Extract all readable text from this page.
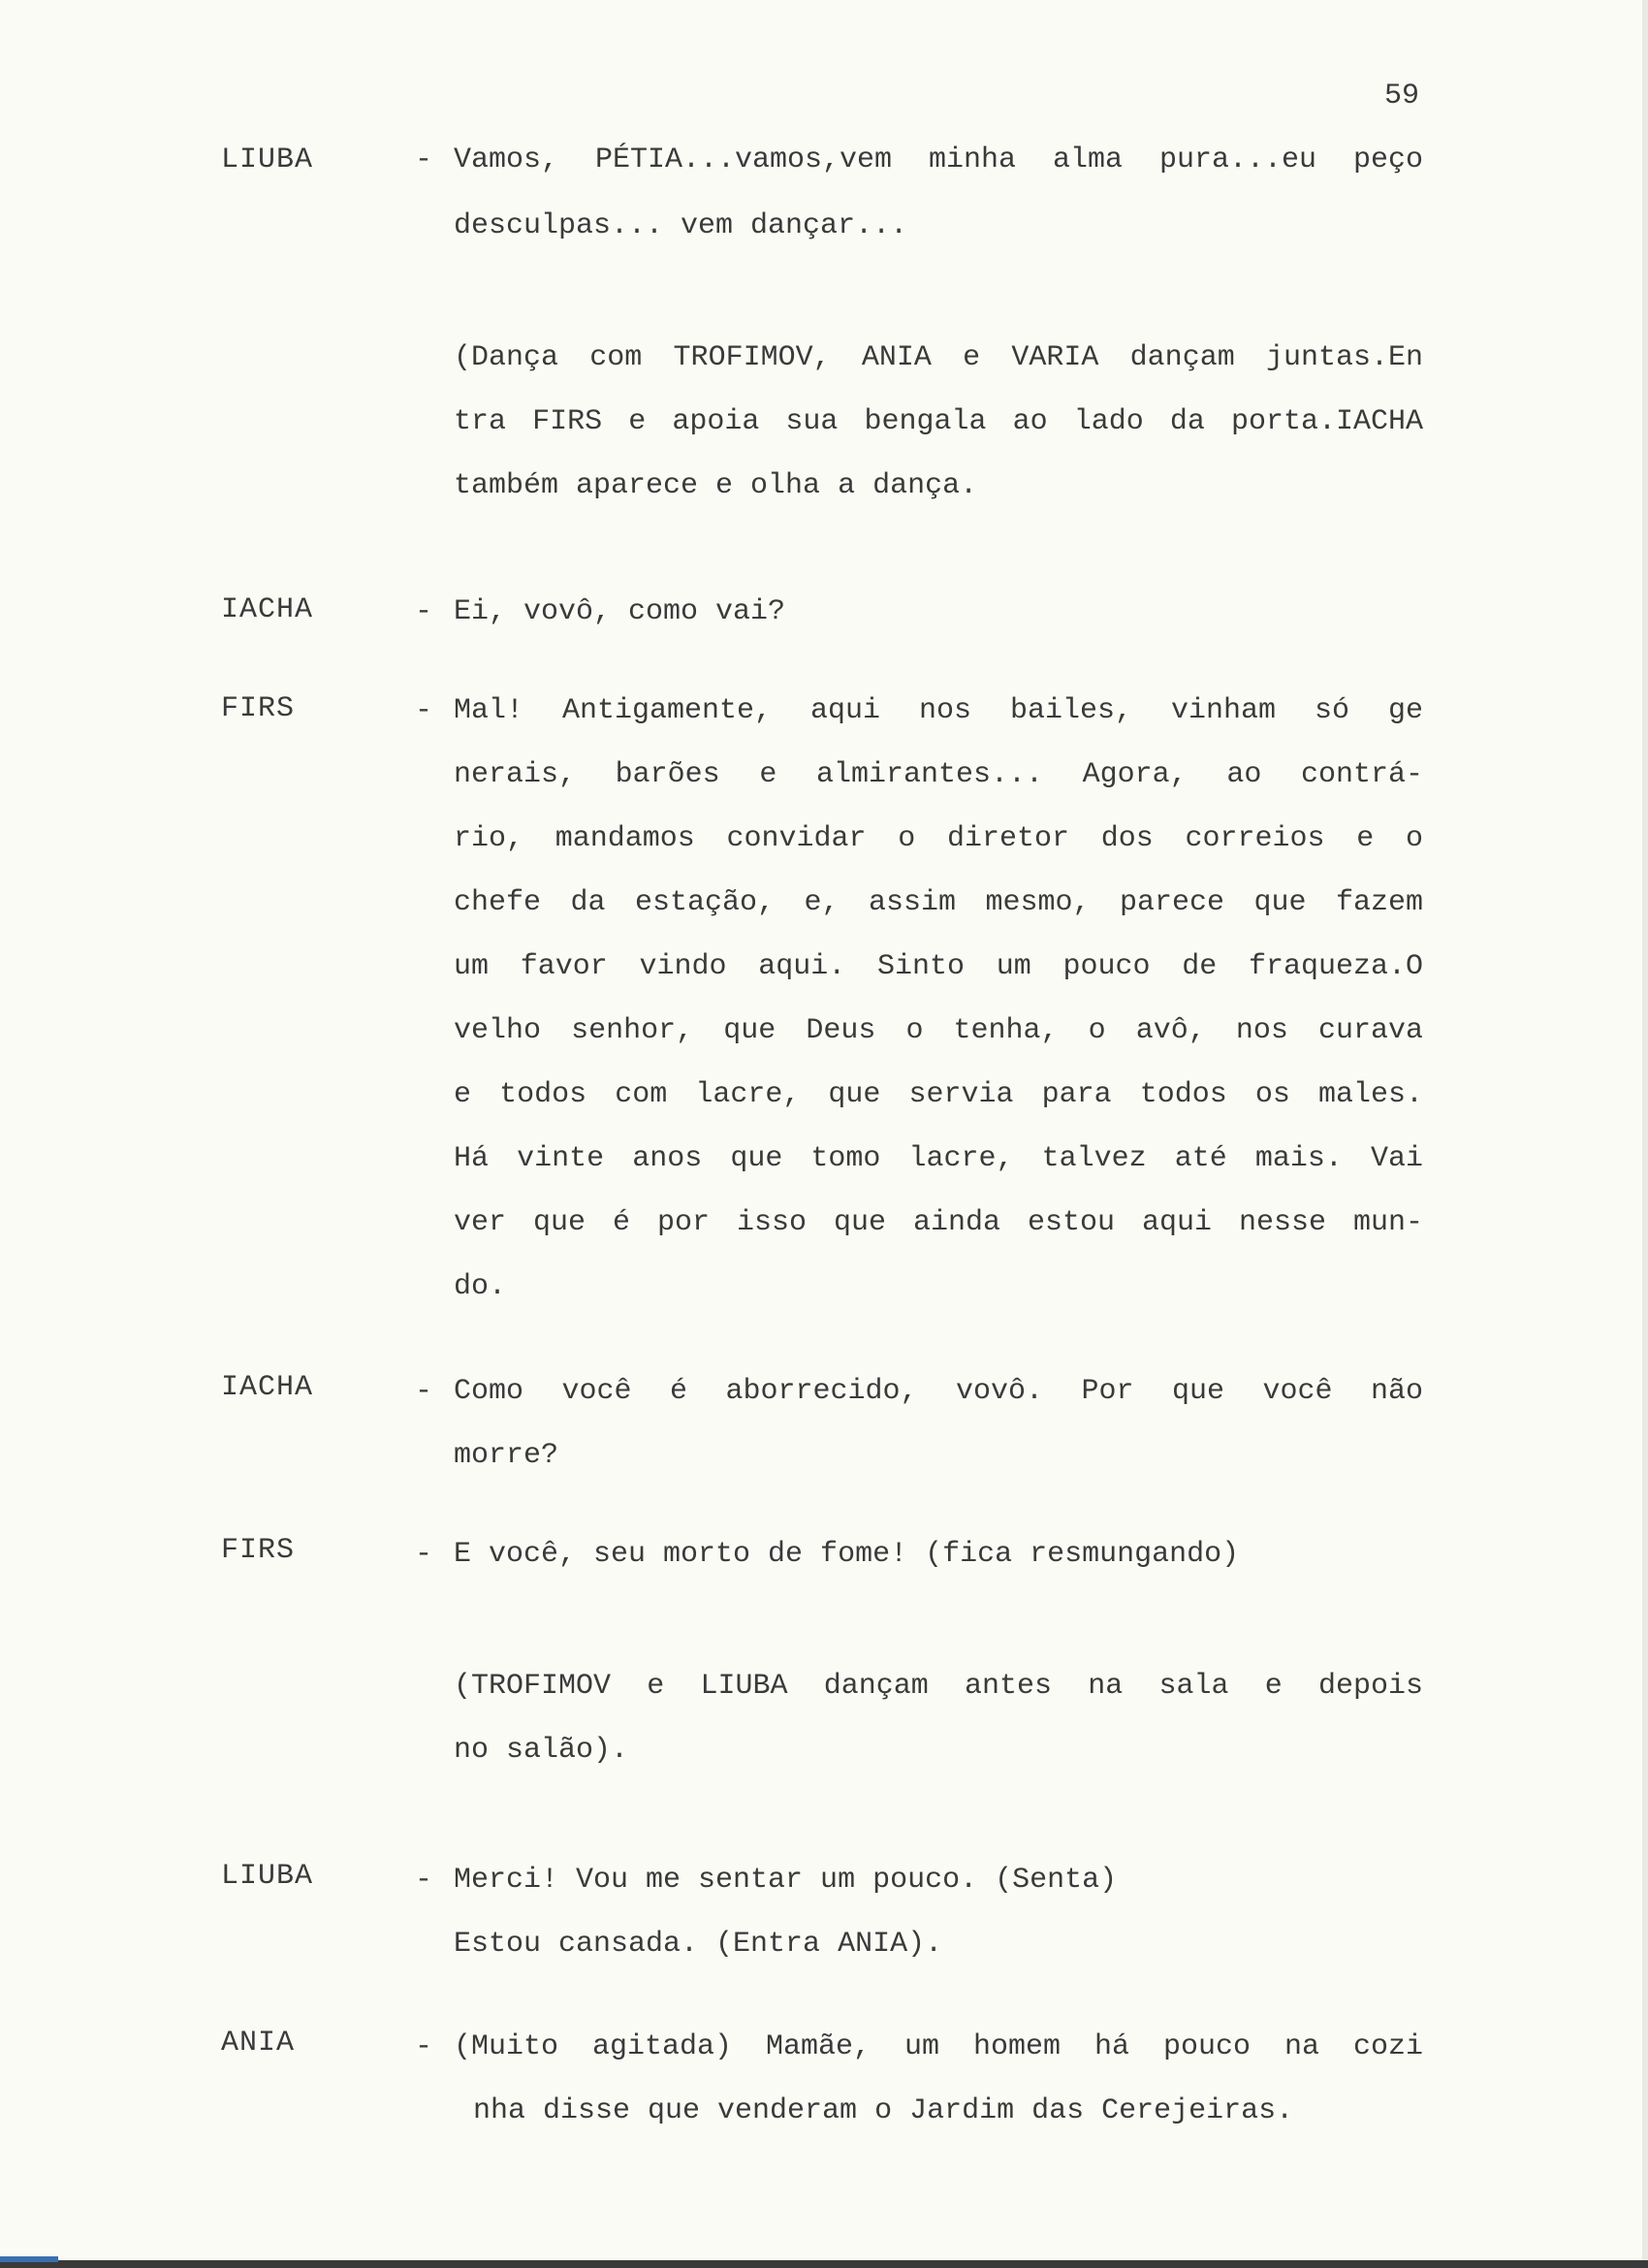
59
LIUBA	- Vamos, PÉTIA...vamos,vem minha alma pura...eu peço
desculpas... vem dançar...
(Dança com TROFIMOV, ANIA e VARIA dançam juntas.En
tra FIRS e apoia sua bengala ao lado da porta.IACHA
também aparece e olha a dança.
IACHA	- Ei, vovô, como vai?
FIRS	- Mal! Antigamente, aqui nos bailes, vinham só ge
nerais, barões e almirantes... Agora, ao contrá-
rio, mandamos convidar o diretor dos correios e o
chefe da estação, e, assim mesmo, parece que fazem
um favor vindo aqui. Sinto um pouco de fraqueza.O
velho senhor, que Deus o tenha, o avô, nos curava
e todos com lacre, que servia para todos os males.
Há vinte anos que tomo lacre, talvez até mais. Vai
ver que é por isso que ainda estou aqui nesse mun-
do.
IACHA	- Como você é aborrecido, vovô. Por que você não
morre?
FIRS	- E você, seu morto de fome! (fica resmungando)
(TROFIMOV e LIUBA dançam antes na sala e depois
no salão).
LIUBA	- Merci! Vou me sentar um pouco. (Senta)
Estou cansada. (Entra ANIA).
ANIA	- (Muito agitada) Mamãe, um homem há pouco na cozi
nha disse que venderam o Jardim das Cerejeiras.
